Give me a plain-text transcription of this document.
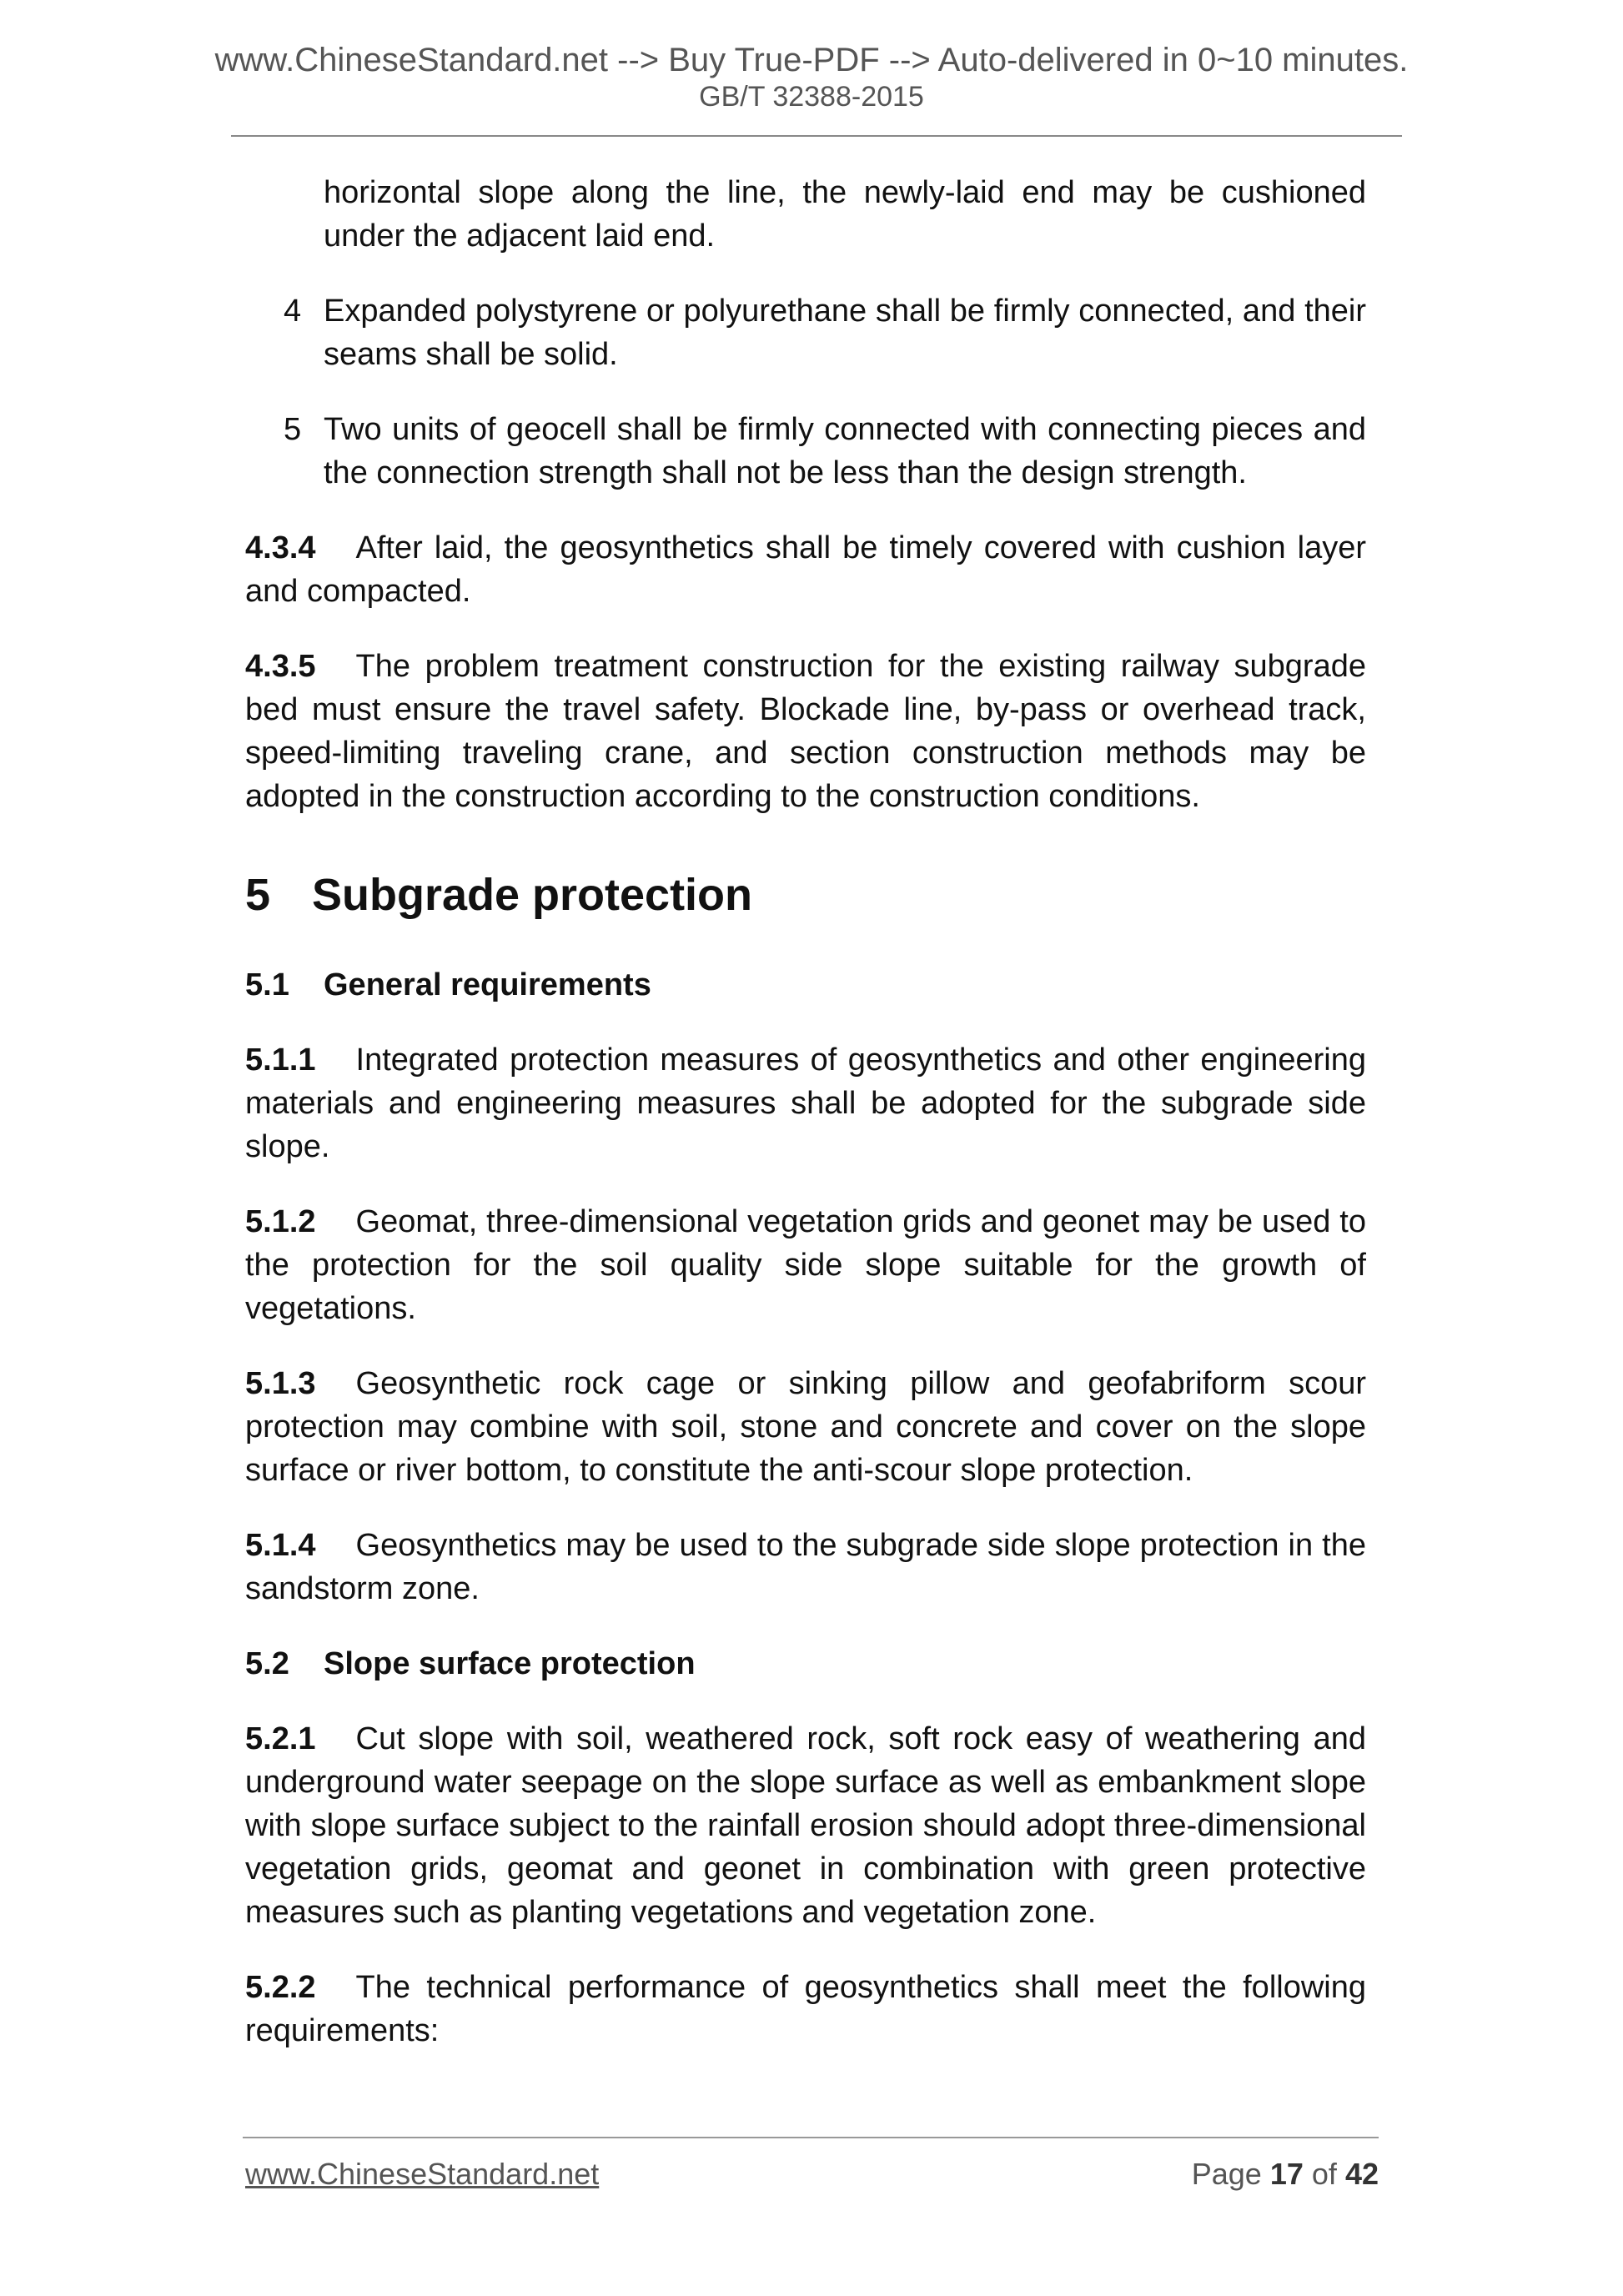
www.ChineseStandard.net --> Buy True-PDF --> Auto-delivered in 0~10 minutes.
GB/T 32388-2015
horizontal slope along the line, the newly-laid end may be cushioned under the adjacent laid end.
4 Expanded polystyrene or polyurethane shall be firmly connected, and their seams shall be solid.
5 Two units of geocell shall be firmly connected with connecting pieces and the connection strength shall not be less than the design strength.

4.3.4 After laid, the geosynthetics shall be timely covered with cushion layer and compacted.

4.3.5 The problem treatment construction for the existing railway subgrade bed must ensure the travel safety. Blockade line, by-pass or overhead track, speed-limiting traveling crane, and section construction methods may be adopted in the construction according to the construction conditions.

5 Subgrade protection
5.1 General requirements

5.1.1 Integrated protection measures of geosynthetics and other engineering materials and engineering measures shall be adopted for the subgrade side slope.

5.1.2 Geomat, three-dimensional vegetation grids and geonet may be used to the protection for the soil quality side slope suitable for the growth of vegetations.

5.1.3 Geosynthetic rock cage or sinking pillow and geofabriform scour protection may combine with soil, stone and concrete and cover on the slope surface or river bottom, to constitute the anti-scour slope protection.

5.1.4 Geosynthetics may be used to the subgrade side slope protection in the sandstorm zone.

5.2 Slope surface protection

5.2.1 Cut slope with soil, weathered rock, soft rock easy of weathering and underground water seepage on the slope surface as well as embankment slope with slope surface subject to the rainfall erosion should adopt three-dimensional vegetation grids, geomat and geonet in combination with green protective measures such as planting vegetations and vegetation zone.

5.2.2 The technical performance of geosynthetics shall meet the following requirements:

www.ChineseStandard.net	Page 17 of 42
